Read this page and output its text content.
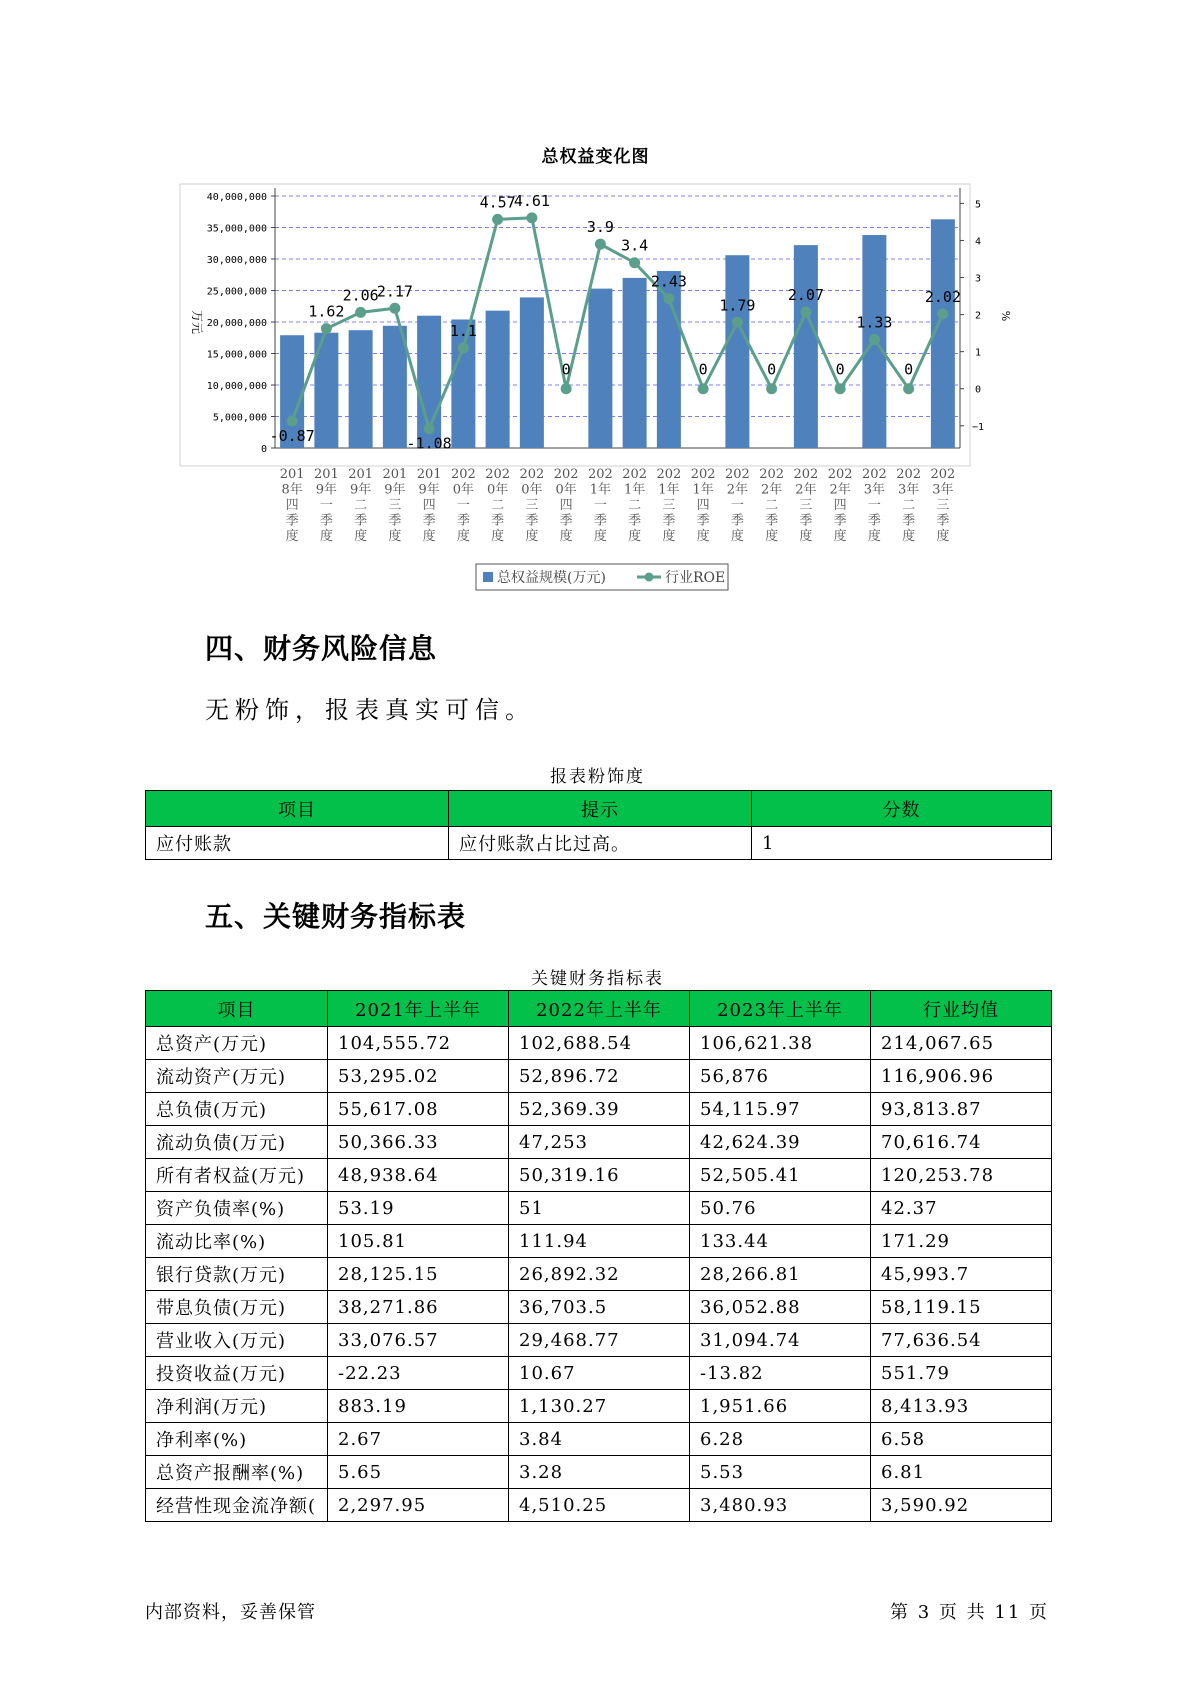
总权益变化图
0
5,000,000
10,000,000
15,000,000
20,000,000
25,000,000
30,000,000
35,000,000
40,000,000
−1
0
1
2
3
4
5
万元	%
-0.87
1.62
2.06
2.17
-1.08
1.1
4.57
4.61
0
3.9
3.4
2.43
0
1.79
0
2.07
0
1.33
0
2.02
201
8年
四
季
度
201
9年
一
季
度
201
9年
二
季
度
201
9年
三
季
度
201
9年
四
季
度
202
0年
一
季
度
202
0年
二
季
度
202
0年
三
季
度
202
0年
四
季
度
202
1年
一
季
度
202
1年
二
季
度
202
1年
三
季
度
202
1年
四
季
度
202
2年
一
季
度
202
2年
二
季
度
202
2年
三
季
度
202
2年
四
季
度
202
3年
一
季
度
202
3年
二
季
度
202
3年
三
季
度
总权益规模(万元)	行业ROE
四、财务风险信息
无粉饰，报表真实可信。
报表粉饰度
项目	提示	分数
应付账款	应付账款占比过高。	1
五、关键财务指标表
关键财务指标表
项目	2021年上半年	2022年上半年	2023年上半年	行业均值
总资产(万元)	104,555.72	102,688.54	106,621.38	214,067.65
流动资产(万元)	53,295.02	52,896.72	56,876	116,906.96
总负债(万元)	55,617.08	52,369.39	54,115.97	93,813.87
流动负债(万元)	50,366.33	47,253	42,624.39	70,616.74
所有者权益(万元)	48,938.64	50,319.16	52,505.41	120,253.78
资产负债率(%)	53.19	51	50.76	42.37
流动比率(%)	105.81	111.94	133.44	171.29
银行贷款(万元)	28,125.15	26,892.32	28,266.81	45,993.7
带息负债(万元)	38,271.86	36,703.5	36,052.88	58,119.15
营业收入(万元)	33,076.57	29,468.77	31,094.74	77,636.54
投资收益(万元)	-22.23	10.67	-13.82	551.79
净利润(万元)	883.19	1,130.27	1,951.66	8,413.93
净利率(%)	2.67	3.84	6.28	6.58
总资产报酬率(%)	5.65	3.28	5.53	6.81
经营性现金流净额(	2,297.95	4,510.25	3,480.93	3,590.92
内部资料，妥善保管	第 3 页 共 11 页
